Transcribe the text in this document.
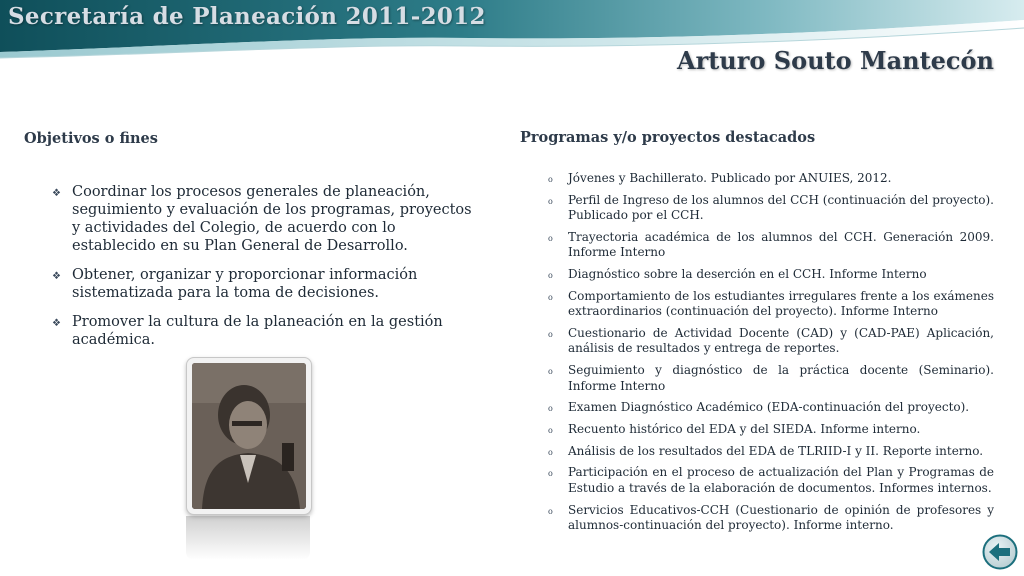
Secretaría de Planeación 2011-2012
Arturo Souto Mantecón
Objetivos o fines
❖ Coordinar los procesos generales de planeación, seguimiento y evaluación de los programas, proyectos y actividades del Colegio, de acuerdo con lo establecido en su Plan General de Desarrollo.
❖ Obtener, organizar y proporcionar información sistematizada para la toma de decisiones.
❖ Promover la cultura de la planeación en la gestión académica.
Programas y/o proyectos destacados
o Jóvenes y Bachillerato. Publicado por ANUIES, 2012.
o Perfil de Ingreso de los alumnos del CCH (continuación del proyecto). Publicado por el CCH.
o Trayectoria académica de los alumnos del CCH. Generación 2009. Informe Interno
o Diagnóstico sobre la deserción en el CCH. Informe Interno
o Comportamiento de los estudiantes irregulares frente a los exámenes extraordinarios (continuación del proyecto). Informe Interno
o Cuestionario de Actividad Docente (CAD) y (CAD-PAE) Aplicación, análisis de resultados y entrega de reportes.
o Seguimiento y diagnóstico de la práctica docente (Seminario). Informe Interno
o Examen Diagnóstico Académico (EDA-continuación del proyecto).
o Recuento histórico del EDA y del SIEDA. Informe interno.
o Análisis de los resultados del EDA de TLRIID-I y II. Reporte interno.
o Participación en el proceso de actualización del Plan y Programas de Estudio a través de la elaboración de documentos. Informes internos.
o Servicios Educativos-CCH (Cuestionario de opinión de profesores y alumnos-continuación del proyecto). Informe interno.
